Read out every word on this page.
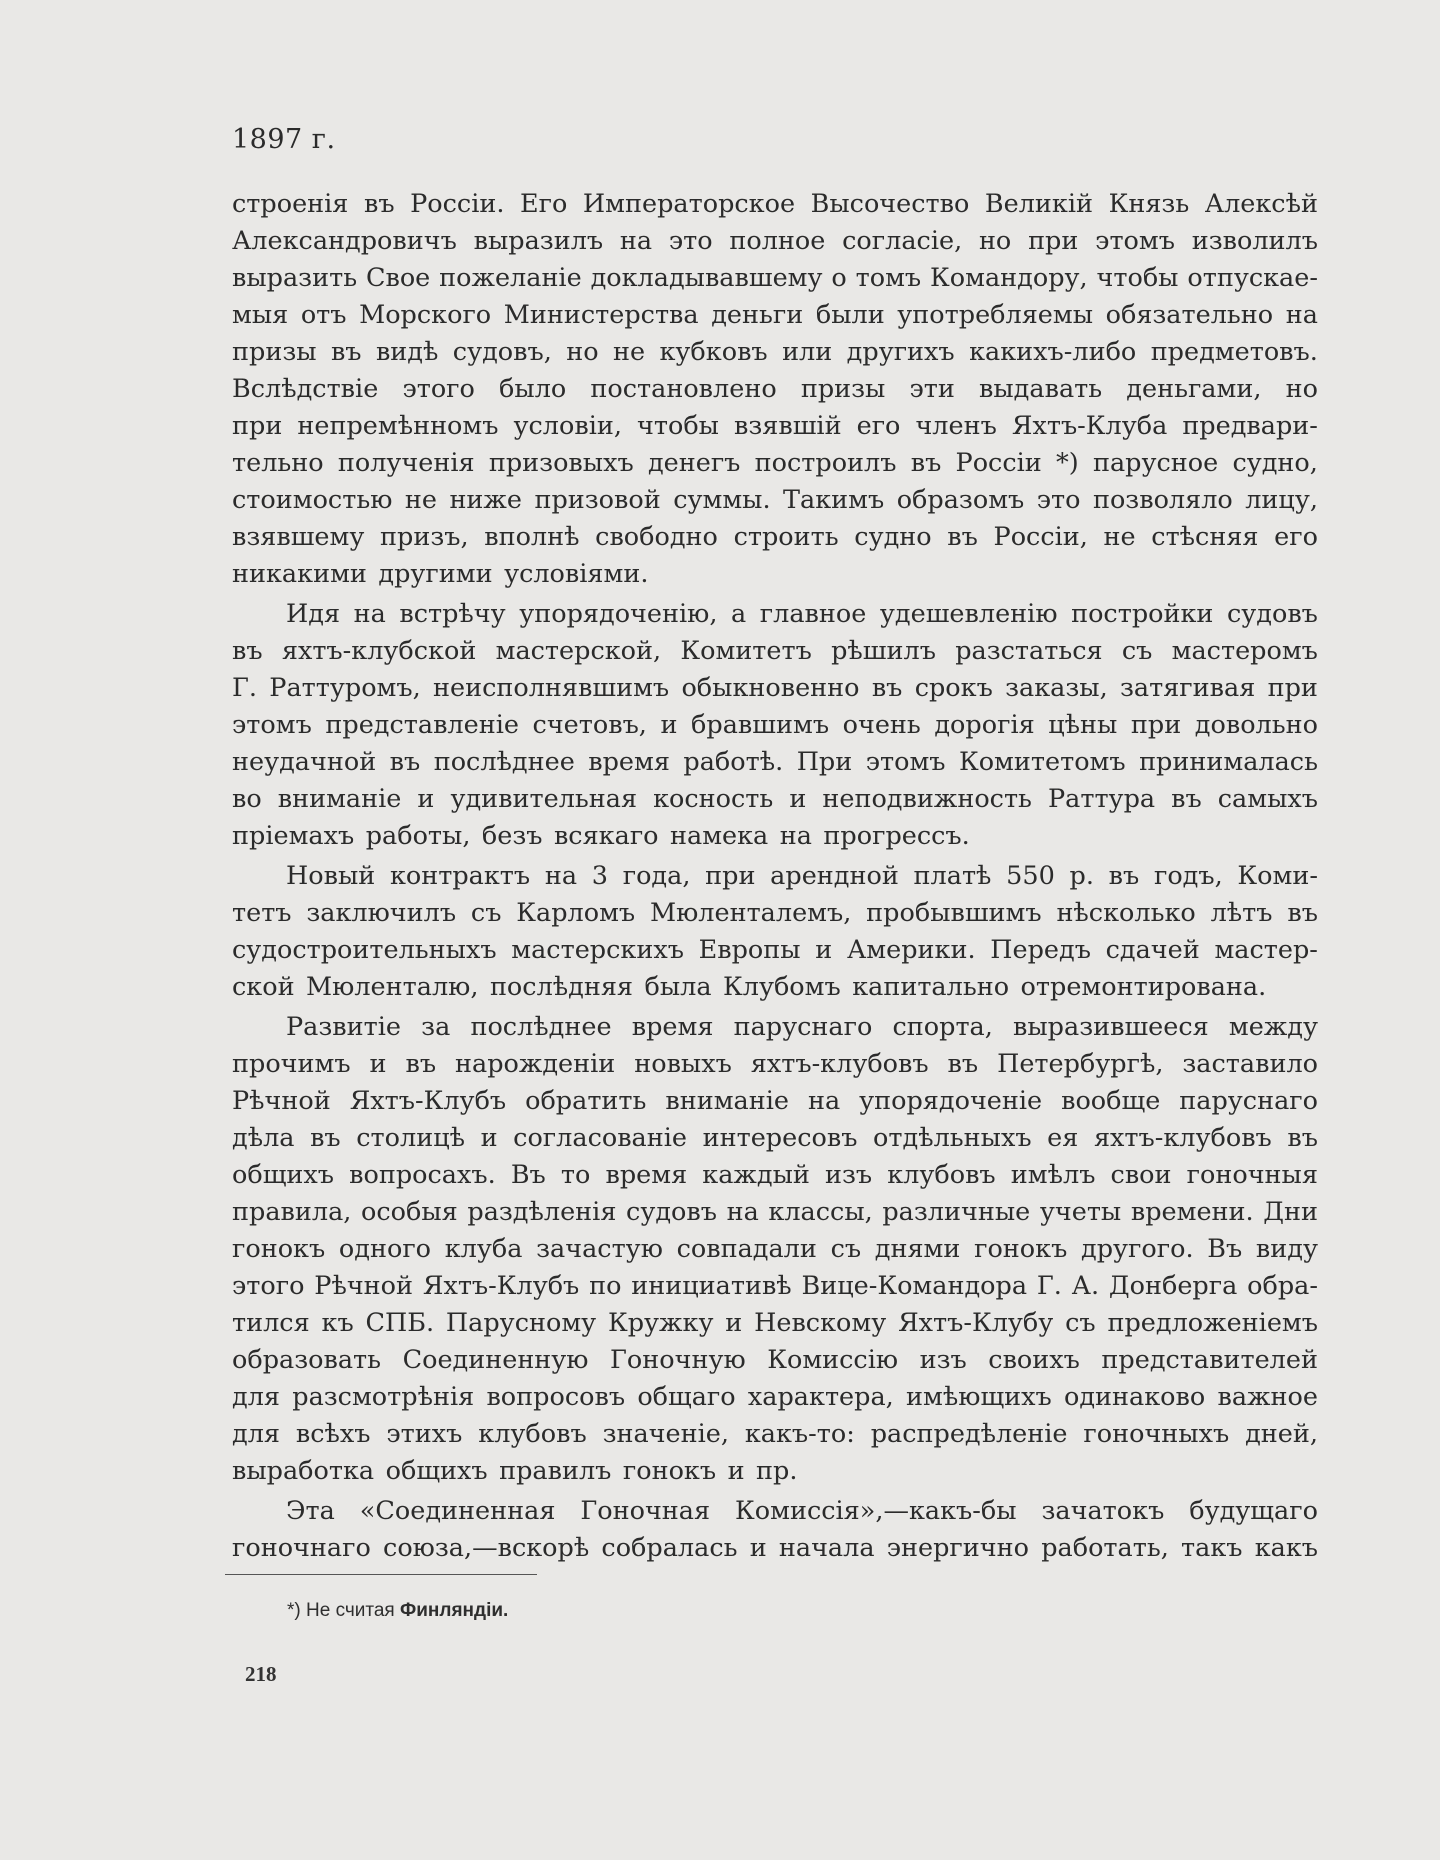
1897 г.
строенія въ Россіи. Его Императорское Высочество Великій Князь Алексѣй
Александровичъ выразилъ на это полное согласіе, но при этомъ изволилъ
выразить Свое пожеланіе докладывавшему о томъ Командору, чтобы отпускае-
мыя отъ Морского Министерства деньги были употребляемы обязательно на
призы въ видѣ судовъ, но не кубковъ или другихъ какихъ-либо предметовъ.
Вслѣдствіе этого было постановлено призы эти выдавать деньгами, но
при непремѣнномъ условіи, чтобы взявшій его членъ Яхтъ-Клуба предвари-
тельно полученія призовыхъ денегъ построилъ въ Россіи *) парусное судно,
стоимостью не ниже призовой суммы. Такимъ образомъ это позволяло лицу,
взявшему призъ, вполнѣ свободно строить судно въ Россіи, не стѣсняя его
никакими другими условіями.
Идя на встрѣчу упорядоченію, а главное удешевленію постройки судовъ
въ яхтъ-клубской мастерской, Комитетъ рѣшилъ разстаться съ мастеромъ
Г. Раттуромъ, неисполнявшимъ обыкновенно въ срокъ заказы, затягивая при
этомъ представленіе счетовъ, и бравшимъ очень дорогія цѣны при довольно
неудачной въ послѣднее время работѣ. При этомъ Комитетомъ принималась
во вниманіе и удивительная косность и неподвижность Раттура въ самыхъ
пріемахъ работы, безъ всякаго намека на прогрессъ.
Новый контрактъ на 3 года, при арендной платѣ 550 р. въ годъ, Коми-
тетъ заключилъ съ Карломъ Мюленталемъ, пробывшимъ нѣсколько лѣтъ въ
судостроительныхъ мастерскихъ Европы и Америки. Передъ сдачей мастер-
ской Мюленталю, послѣдняя была Клубомъ капитально отремонтирована.
Развитіе за послѣднее время паруснаго спорта, выразившееся между
прочимъ и въ нарожденіи новыхъ яхтъ-клубовъ въ Петербургѣ, заставило
Рѣчной Яхтъ-Клубъ обратить вниманіе на упорядоченіе вообще паруснаго
дѣла въ столицѣ и согласованіе интересовъ отдѣльныхъ ея яхтъ-клубовъ въ
общихъ вопросахъ. Въ то время каждый изъ клубовъ имѣлъ свои гоночныя
правила, особыя раздѣленія судовъ на классы, различные учеты времени. Дни
гонокъ одного клуба зачастую совпадали съ днями гонокъ другого. Въ виду
этого Рѣчной Яхтъ-Клубъ по инициативѣ Вице-Командора Г. А. Донберга обра-
тился къ СПБ. Парусному Кружку и Невскому Яхтъ-Клубу съ предложеніемъ
образовать Соединенную Гоночную Комиссію изъ своихъ представителей
для разсмотрѣнія вопросовъ общаго характера, имѣющихъ одинаково важное
для всѣхъ этихъ клубовъ значеніе, какъ-то: распредѣленіе гоночныхъ дней,
выработка общихъ правилъ гонокъ и пр.
Эта «Соединенная Гоночная Комиссія»,—какъ-бы зачатокъ будущаго
гоночнаго союза,—вскорѣ собралась и начала энергично работать, такъ какъ
*) Не считая Финляндіи.
218
